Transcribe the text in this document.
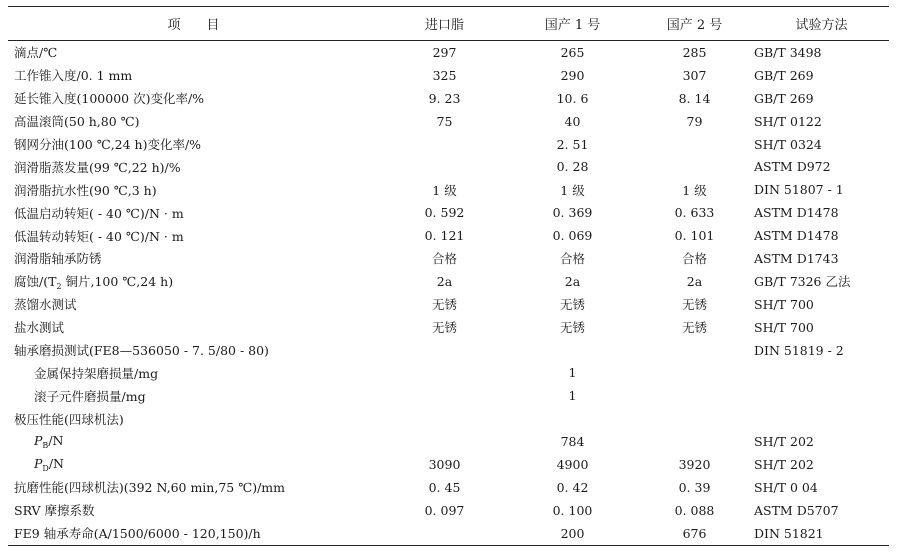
项　　目	进口脂	国产 1 号	国产 2 号	试验方法
滴点/℃	297	265	285	GB/T 3498
工作锥入度/0. 1 mm	325	290	307	GB/T 269
延长锥入度(100000 次)变化率/%	9. 23	10. 6	8. 14	GB/T 269
高温滚筒(50 h,80 ℃)	75	40	79	SH/T 0122
钢网分油(100 ℃,24 h)变化率/%		2. 51		SH/T 0324
润滑脂蒸发量(99 ℃,22 h)/%		0. 28		ASTM D972
润滑脂抗水性(90 ℃,3 h)	1 级	1 级	1 级	DIN 51807 - 1
低温启动转矩( - 40 ℃)/N · m	0. 592	0. 369	0. 633	ASTM D1478
低温转动转矩( - 40 ℃)/N · m	0. 121	0. 069	0. 101	ASTM D1478
润滑脂轴承防锈	合格	合格	合格	ASTM D1743
腐蚀$/(T_2$ 铜片,100 ℃,24 h)	2a	2a	2a	GB/T 7326 乙法
蒸馏水测试	无锈	无锈	无锈	SH/T 700
盐水测试	无锈	无锈	无锈	SH/T 700
轴承磨损测试(FE8—536050 - 7. 5/80 - 80)				DIN 51819 - 2
金属保持架磨损量/mg		1		
滚子元件磨损量/mg		1		
极压性能(四球机法)				
$P_B/N$		784		SH/T 202
$P_D/N$	3090	4900	3920	SH/T 202
抗磨性能(四球机法)(392 N,60 min,75 ℃)/mm	0. 45	0. 42	0. 39	SH/T 0 04
SRV 摩擦系数	0. 097	0. 100	0. 088	ASTM D5707
FE9 轴承寿命(A/1500/6000 - 120,150)/h		200	676	DIN 51821
